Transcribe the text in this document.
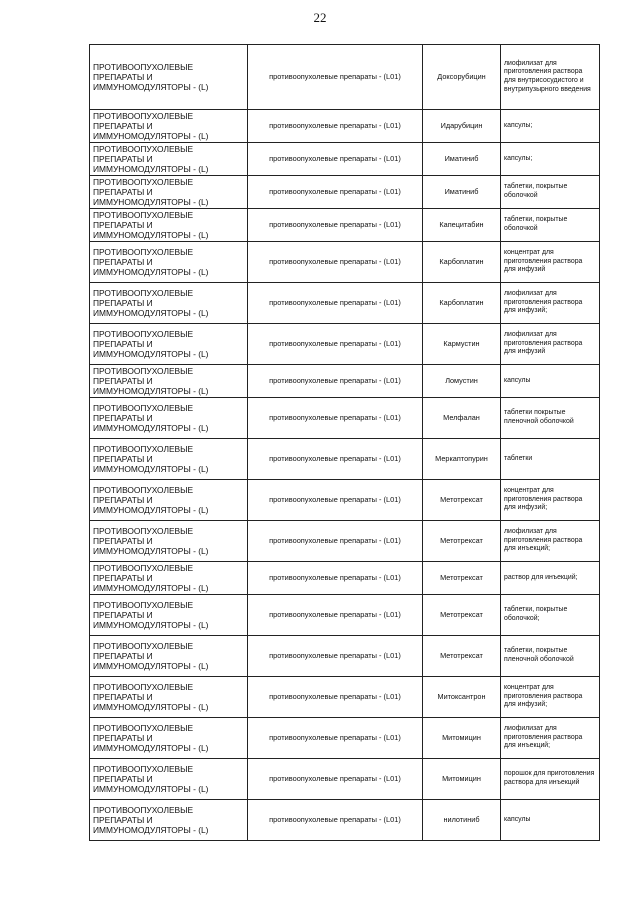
22
ПРОТИВООПУХОЛЕВЫЕ ПРЕПАРАТЫ И ИММУНОМОДУЛЯТОРЫ - (L)	противоопухолевые препараты - (L01)	Доксорубицин	лиофилизат для приготовления раствора для внутрисосудистого и внутрипузырного введения
ПРОТИВООПУХОЛЕВЫЕ ПРЕПАРАТЫ И ИММУНОМОДУЛЯТОРЫ - (L)	противоопухолевые препараты - (L01)	Идарубицин	капсулы;
ПРОТИВООПУХОЛЕВЫЕ ПРЕПАРАТЫ И ИММУНОМОДУЛЯТОРЫ - (L)	противоопухолевые препараты - (L01)	Иматиниб	капсулы;
ПРОТИВООПУХОЛЕВЫЕ ПРЕПАРАТЫ И ИММУНОМОДУЛЯТОРЫ - (L)	противоопухолевые препараты - (L01)	Иматиниб	таблетки, покрытые оболочкой
ПРОТИВООПУХОЛЕВЫЕ ПРЕПАРАТЫ И ИММУНОМОДУЛЯТОРЫ - (L)	противоопухолевые препараты - (L01)	Капецитабин	таблетки, покрытые оболочкой
ПРОТИВООПУХОЛЕВЫЕ ПРЕПАРАТЫ И ИММУНОМОДУЛЯТОРЫ - (L)	противоопухолевые препараты - (L01)	Карбоплатин	концентрат для приготовления раствора для инфузий
ПРОТИВООПУХОЛЕВЫЕ ПРЕПАРАТЫ И ИММУНОМОДУЛЯТОРЫ - (L)	противоопухолевые препараты - (L01)	Карбоплатин	лиофилизат для приготовления раствора для инфузий;
ПРОТИВООПУХОЛЕВЫЕ ПРЕПАРАТЫ И ИММУНОМОДУЛЯТОРЫ - (L)	противоопухолевые препараты - (L01)	Кармустин	лиофилизат для приготовления раствора для инфузий
ПРОТИВООПУХОЛЕВЫЕ ПРЕПАРАТЫ И ИММУНОМОДУЛЯТОРЫ - (L)	противоопухолевые препараты - (L01)	Ломустин	капсулы
ПРОТИВООПУХОЛЕВЫЕ ПРЕПАРАТЫ И ИММУНОМОДУЛЯТОРЫ - (L)	противоопухолевые препараты - (L01)	Мелфалан	таблетки покрытые пленочной оболочкой
ПРОТИВООПУХОЛЕВЫЕ ПРЕПАРАТЫ И ИММУНОМОДУЛЯТОРЫ - (L)	противоопухолевые препараты - (L01)	Меркаптопурин	таблетки
ПРОТИВООПУХОЛЕВЫЕ ПРЕПАРАТЫ И ИММУНОМОДУЛЯТОРЫ - (L)	противоопухолевые препараты - (L01)	Метотрексат	концентрат для приготовления раствора для инфузий;
ПРОТИВООПУХОЛЕВЫЕ ПРЕПАРАТЫ И ИММУНОМОДУЛЯТОРЫ - (L)	противоопухолевые препараты - (L01)	Метотрексат	лиофилизат для приготовления раствора для инъекций;
ПРОТИВООПУХОЛЕВЫЕ ПРЕПАРАТЫ И ИММУНОМОДУЛЯТОРЫ - (L)	противоопухолевые препараты - (L01)	Метотрексат	раствор для инъекций;
ПРОТИВООПУХОЛЕВЫЕ ПРЕПАРАТЫ И ИММУНОМОДУЛЯТОРЫ - (L)	противоопухолевые препараты - (L01)	Метотрексат	таблетки, покрытые оболочкой;
ПРОТИВООПУХОЛЕВЫЕ ПРЕПАРАТЫ И ИММУНОМОДУЛЯТОРЫ - (L)	противоопухолевые препараты - (L01)	Метотрексат	таблетки, покрытые пленочной оболочкой
ПРОТИВООПУХОЛЕВЫЕ ПРЕПАРАТЫ И ИММУНОМОДУЛЯТОРЫ - (L)	противоопухолевые препараты - (L01)	Митоксантрон	концентрат для приготовления раствора для инфузий;
ПРОТИВООПУХОЛЕВЫЕ ПРЕПАРАТЫ И ИММУНОМОДУЛЯТОРЫ - (L)	противоопухолевые препараты - (L01)	Митомицин	лиофилизат для приготовления раствора для инъекций;
ПРОТИВООПУХОЛЕВЫЕ ПРЕПАРАТЫ И ИММУНОМОДУЛЯТОРЫ - (L)	противоопухолевые препараты - (L01)	Митомицин	порошок для приготовления раствора для инъекций
ПРОТИВООПУХОЛЕВЫЕ ПРЕПАРАТЫ И ИММУНОМОДУЛЯТОРЫ - (L)	противоопухолевые препараты - (L01)	нилотиниб	капсулы
